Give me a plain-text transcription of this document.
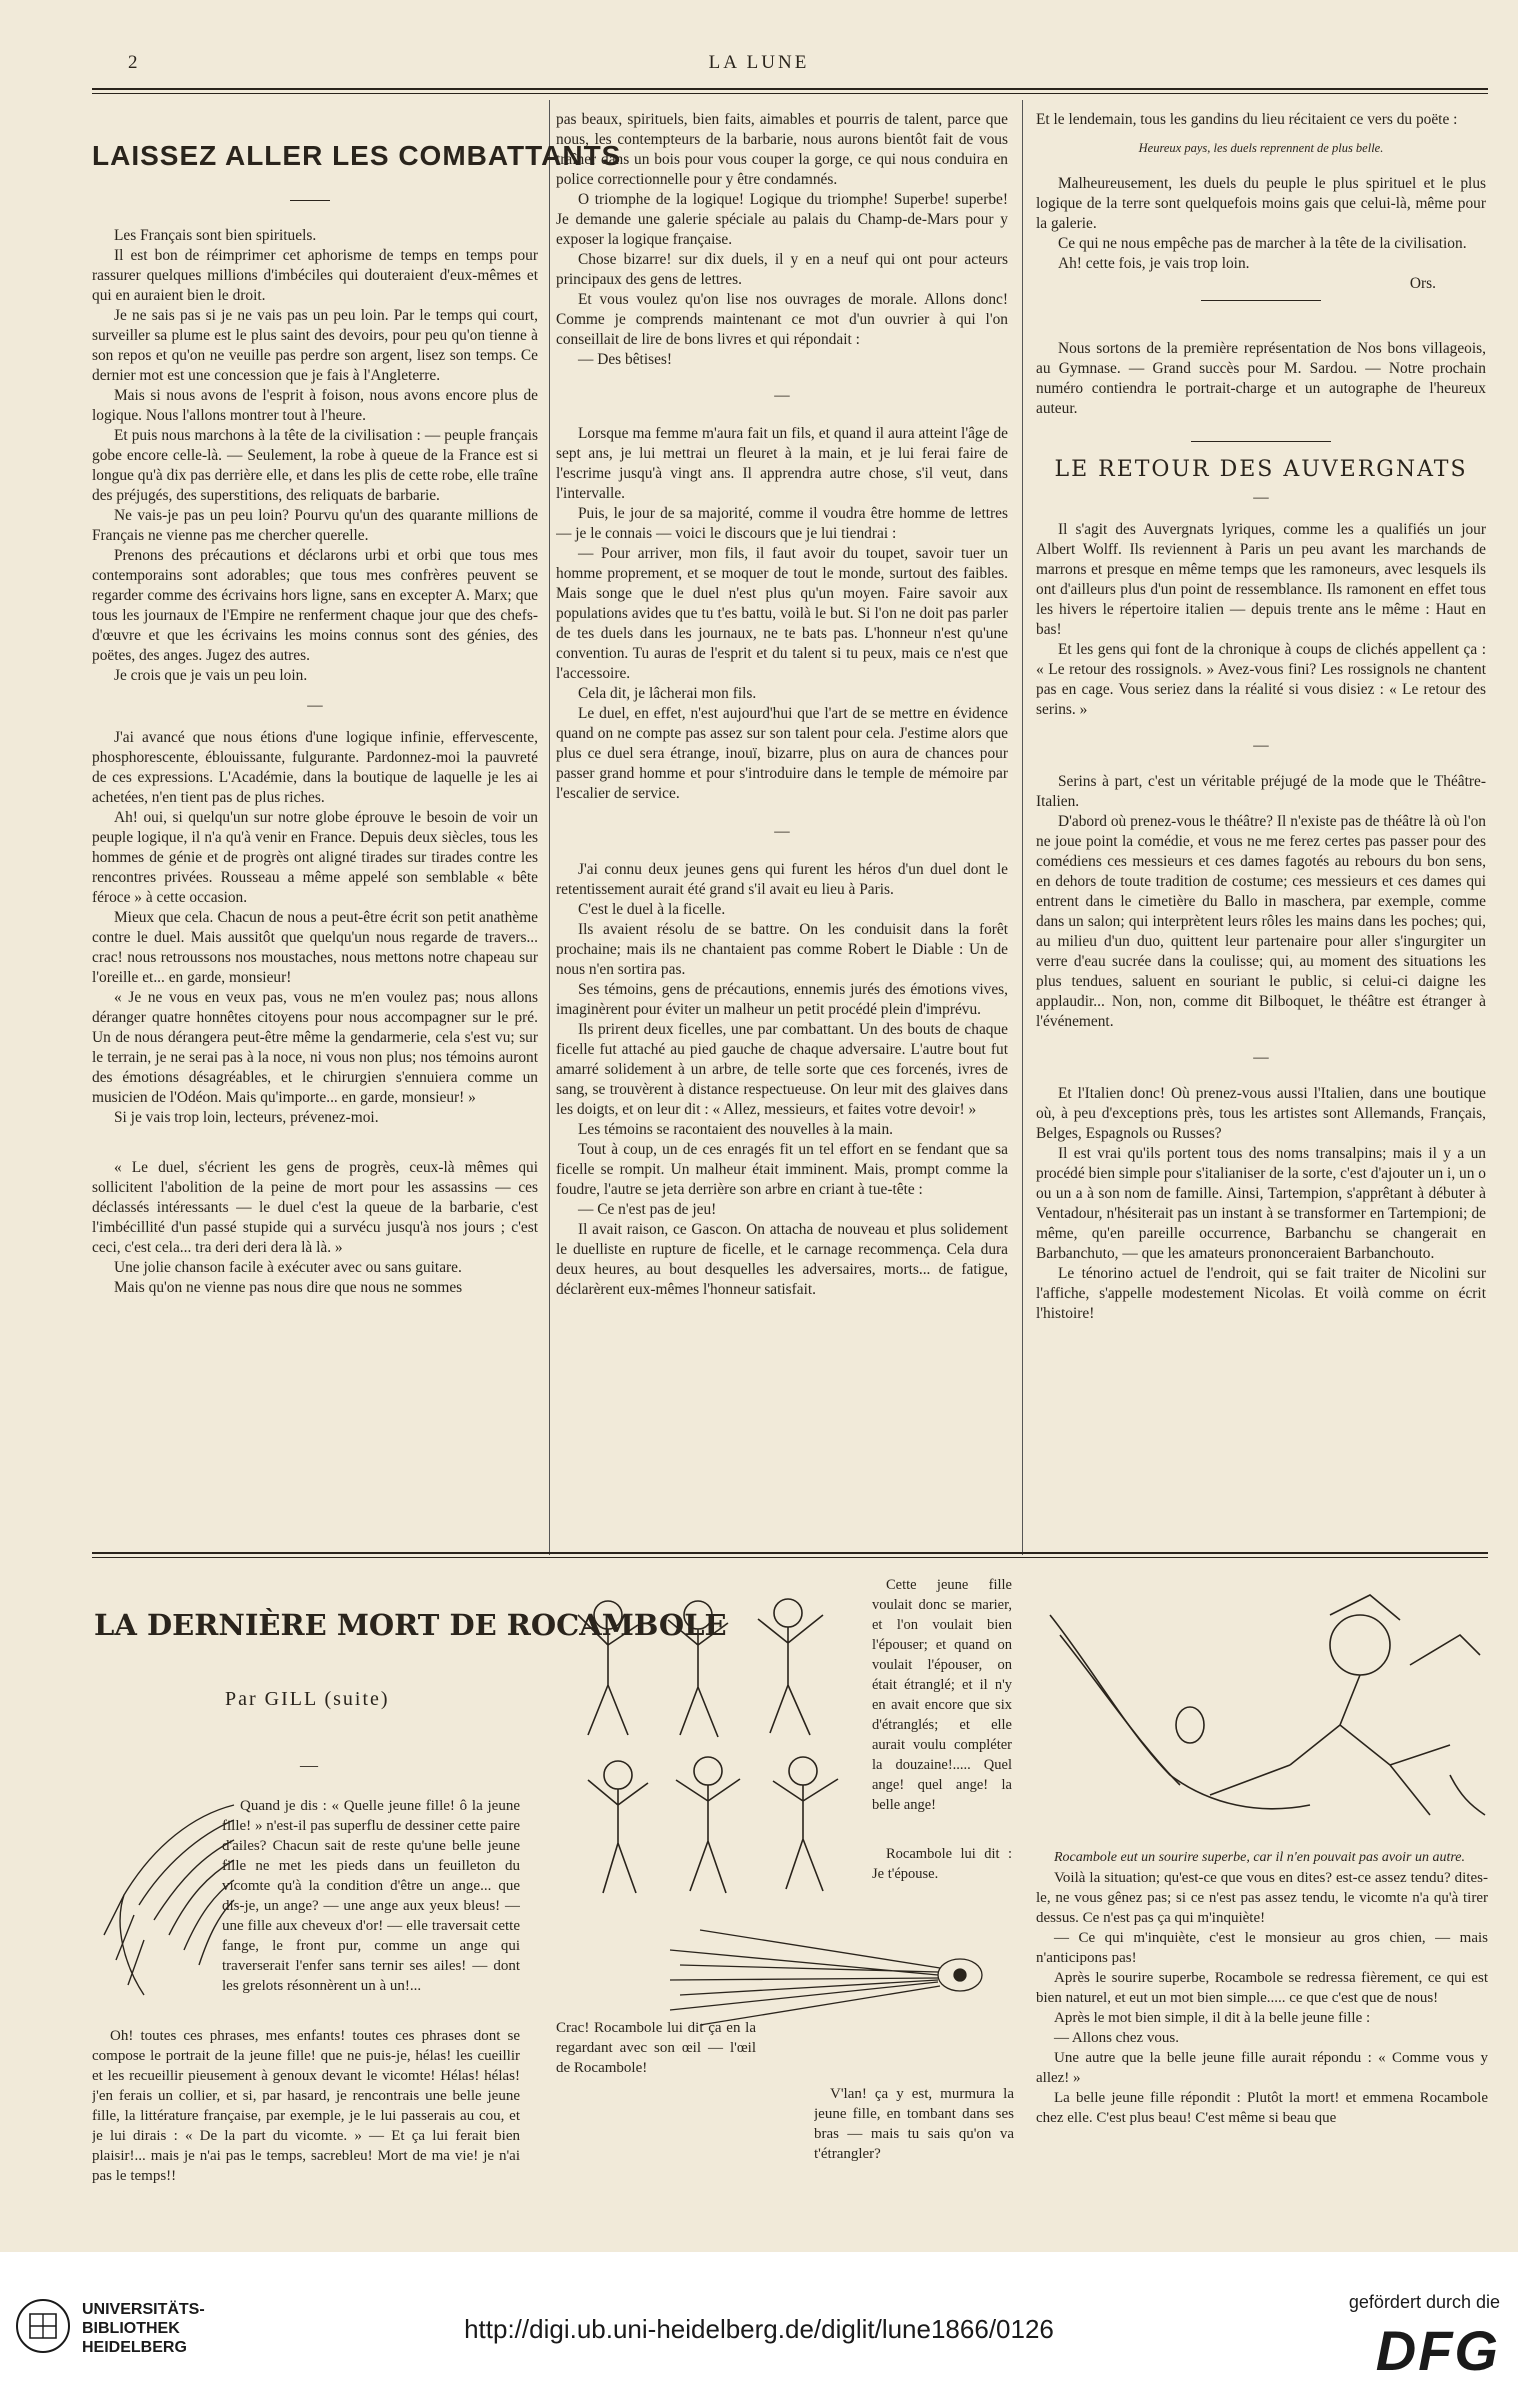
2	LA LUNE
LAISSEZ ALLER LES COMBATTANTS

Les Français sont bien spirituels.

Il est bon de réimprimer cet aphorisme de temps en temps pour rassurer quelques millions d'imbéciles qui douteraient d'eux-mêmes et qui en auraient bien le droit.

Je ne sais pas si je ne vais pas un peu loin. Par le temps qui court, surveiller sa plume est le plus saint des devoirs, pour peu qu'on tienne à son repos et qu'on ne veuille pas perdre son argent, lisez son temps. Ce dernier mot est une concession que je fais à l'Angleterre.

Mais si nous avons de l'esprit à foison, nous avons encore plus de logique. Nous l'allons montrer tout à l'heure.

Et puis nous marchons à la tête de la civilisation : — peuple français gobe encore celle-là. — Seulement, la robe à queue de la France est si longue qu'à dix pas derrière elle, et dans les plis de cette robe, elle traîne des préjugés, des superstitions, des reliquats de barbarie.

Ne vais-je pas un peu loin? Pourvu qu'un des quarante millions de Français ne vienne pas me chercher querelle.

Prenons des précautions et déclarons urbi et orbi que tous mes contemporains sont adorables; que tous mes confrères peuvent se regarder comme des écrivains hors ligne, sans en excepter A. Marx; que tous les journaux de l'Empire ne renferment chaque jour que des chefs-d'œuvre et que les écrivains les moins connus sont des génies, des poëtes, des anges. Jugez des autres.

Je crois que je vais un peu loin.

—

J'ai avancé que nous étions d'une logique infinie, effervescente, phosphorescente, éblouissante, fulgurante. Pardonnez-moi la pauvreté de ces expressions. L'Académie, dans la boutique de laquelle je les ai achetées, n'en tient pas de plus riches.

Ah! oui, si quelqu'un sur notre globe éprouve le besoin de voir un peuple logique, il n'a qu'à venir en France. Depuis deux siècles, tous les hommes de génie et de progrès ont aligné tirades sur tirades contre les rencontres privées. Rousseau a même appelé son semblable « bête féroce » à cette occasion.

Mieux que cela. Chacun de nous a peut-être écrit son petit anathème contre le duel. Mais aussitôt que quelqu'un nous regarde de travers... crac! nous retroussons nos moustaches, nous mettons notre chapeau sur l'oreille et... en garde, monsieur!

« Je ne vous en veux pas, vous ne m'en voulez pas; nous allons déranger quatre honnêtes citoyens pour nous accompagner sur le pré. Un de nous dérangera peut-être même la gendarmerie, cela s'est vu; sur le terrain, je ne serai pas à la noce, ni vous non plus; nos témoins auront des émotions désagréables, et le chirurgien s'ennuiera comme un musicien de l'Odéon. Mais qu'importe... en garde, monsieur! »

Si je vais trop loin, lecteurs, prévenez-moi.

« Le duel, s'écrient les gens de progrès, ceux-là mêmes qui sollicitent l'abolition de la peine de mort pour les assassins — ces déclassés intéressants — le duel c'est la queue de la barbarie, c'est l'imbécillité d'un passé stupide qui a survécu jusqu'à nos jours ; c'est ceci, c'est cela... tra deri deri dera là là. »

Une jolie chanson facile à exécuter avec ou sans guitare.

Mais qu'on ne vienne pas nous dire que nous ne sommes

pas beaux, spirituels, bien faits, aimables et pourris de talent, parce que nous, les contempteurs de la barbarie, nous aurons bientôt fait de vous traîner dans un bois pour vous couper la gorge, ce qui nous conduira en police correctionnelle pour y être condamnés.

O triomphe de la logique! Logique du triomphe! Superbe! superbe! Je demande une galerie spéciale au palais du Champ-de-Mars pour y exposer la logique française.

Chose bizarre! sur dix duels, il y en a neuf qui ont pour acteurs principaux des gens de lettres.

Et vous voulez qu'on lise nos ouvrages de morale. Allons donc! Comme je comprends maintenant ce mot d'un ouvrier à qui l'on conseillait de lire de bons livres et qui répondait :

— Des bêtises!

—

Lorsque ma femme m'aura fait un fils, et quand il aura atteint l'âge de sept ans, je lui mettrai un fleuret à la main, et je lui ferai faire de l'escrime jusqu'à vingt ans. Il apprendra autre chose, s'il veut, dans l'intervalle.

Puis, le jour de sa majorité, comme il voudra être homme de lettres — je le connais — voici le discours que je lui tiendrai :

— Pour arriver, mon fils, il faut avoir du toupet, savoir tuer un homme proprement, et se moquer de tout le monde, surtout des faibles. Mais songe que le duel n'est plus qu'un moyen. Faire savoir aux populations avides que tu t'es battu, voilà le but. Si l'on ne doit pas parler de tes duels dans les journaux, ne te bats pas. L'honneur n'est qu'une convention. Tu auras de l'esprit et du talent si tu peux, mais ce n'est que l'accessoire.

Cela dit, je lâcherai mon fils.

Le duel, en effet, n'est aujourd'hui que l'art de se mettre en évidence quand on ne compte pas assez sur son talent pour cela. J'estime alors que plus ce duel sera étrange, inouï, bizarre, plus on aura de chances pour passer grand homme et pour s'introduire dans le temple de mémoire par l'escalier de service.

—

J'ai connu deux jeunes gens qui furent les héros d'un duel dont le retentissement aurait été grand s'il avait eu lieu à Paris.

C'est le duel à la ficelle.

Ils avaient résolu de se battre. On les conduisit dans la forêt prochaine; mais ils ne chantaient pas comme Robert le Diable : Un de nous n'en sortira pas.

Ses témoins, gens de précautions, ennemis jurés des émotions vives, imaginèrent pour éviter un malheur un petit procédé plein d'imprévu.

Ils prirent deux ficelles, une par combattant. Un des bouts de chaque ficelle fut attaché au pied gauche de chaque adversaire. L'autre bout fut amarré solidement à un arbre, de telle sorte que ces forcenés, ivres de sang, se trouvèrent à distance respectueuse. On leur mit des glaives dans les doigts, et on leur dit : « Allez, messieurs, et faites votre devoir! »

Les témoins se racontaient des nouvelles à la main.

Tout à coup, un de ces enragés fit un tel effort en se fendant que sa ficelle se rompit. Un malheur était imminent. Mais, prompt comme la foudre, l'autre se jeta derrière son arbre en criant à tue-tête :

— Ce n'est pas de jeu!

Il avait raison, ce Gascon. On attacha de nouveau et plus solidement le duelliste en rupture de ficelle, et le carnage recommença. Cela dura deux heures, au bout desquelles les adversaires, morts... de fatigue, déclarèrent eux-mêmes l'honneur satisfait.

Et le lendemain, tous les gandins du lieu récitaient ce vers du poëte :

Heureux pays, les duels reprennent de plus belle.

Malheureusement, les duels du peuple le plus spirituel et le plus logique de la terre sont quelquefois moins gais que celui-là, même pour la galerie.

Ce qui ne nous empêche pas de marcher à la tête de la civilisation.

Ah! cette fois, je vais trop loin.

Ors.

Nous sortons de la première représentation de Nos bons villageois, au Gymnase. — Grand succès pour M. Sardou. — Notre prochain numéro contiendra le portrait-charge et un autographe de l'heureux auteur.

LE RETOUR DES AUVERGNATS
—

Il s'agit des Auvergnats lyriques, comme les a qualifiés un jour Albert Wolff. Ils reviennent à Paris un peu avant les marchands de marrons et presque en même temps que les ramoneurs, avec lesquels ils ont d'ailleurs plus d'un point de ressemblance. Ils ramonent en effet tous les hivers le répertoire italien — depuis trente ans le même : Haut en bas!

Et les gens qui font de la chronique à coups de clichés appellent ça : « Le retour des rossignols. » Avez-vous fini? Les rossignols ne chantent pas en cage. Vous seriez dans la réalité si vous disiez : « Le retour des serins. »

—

Serins à part, c'est un véritable préjugé de la mode que le Théâtre-Italien.

D'abord où prenez-vous le théâtre? Il n'existe pas de théâtre là où l'on ne joue point la comédie, et vous ne me ferez certes pas passer pour des comédiens ces messieurs et ces dames fagotés au rebours du bon sens, en dehors de toute tradition de costume; ces messieurs et ces dames qui entrent dans le cimetière du Ballo in maschera, par exemple, comme dans un salon; qui interprètent leurs rôles les mains dans les poches; qui, au milieu d'un duo, quittent leur partenaire pour aller s'ingurgiter un verre d'eau sucrée dans la coulisse; qui, au moment des situations les plus tendues, saluent en souriant le public, si celui-ci daigne les applaudir... Non, non, comme dit Bilboquet, le théâtre est étranger à l'événement.

—

Et l'Italien donc! Où prenez-vous aussi l'Italien, dans une boutique où, à peu d'exceptions près, tous les artistes sont Allemands, Français, Belges, Espagnols ou Russes?

Il est vrai qu'ils portent tous des noms transalpins; mais il y a un procédé bien simple pour s'italianiser de la sorte, c'est d'ajouter un i, un o ou un a à son nom de famille. Ainsi, Tartempion, s'apprêtant à débuter à Ventadour, n'hésiterait pas un instant à se transformer en Tartempioni; de même, qu'en pareille occurrence, Barbanchu se changerait en Barbanchuto, — que les amateurs prononceraient Barbanchouto.

Le ténorino actuel de l'endroit, qui se fait traiter de Nicolini sur l'affiche, s'appelle modestement Nicolas. Et voilà comme on écrit l'histoire!

LA DERNIÈRE MORT DE ROCAMBOLE
Par GILL (suite)
—

Quand je dis : « Quelle jeune fille! ô la jeune fille! » n'est-il pas superflu de dessiner cette paire d'ailes? Chacun sait de reste qu'une belle jeune fille ne met les pieds dans un feuilleton du vicomte qu'à la condition d'être un ange... que dis-je, un ange? — une ange aux yeux bleus! — une fille aux cheveux d'or! — elle traversait cette fange, le front pur, comme un ange qui traverserait l'enfer sans ternir ses ailes! — dont les grelots résonnèrent un à un!...

Oh! toutes ces phrases, mes enfants! toutes ces phrases dont se compose le portrait de la jeune fille! que ne puis-je, hélas! les cueillir et les recueillir pieusement à genoux devant le vicomte! Hélas! hélas! j'en ferais un collier, et si, par hasard, je rencontrais une belle jeune fille, la littérature française, par exemple, je le lui passerais au cou, et je lui dirais : « De la part du vicomte. » — Et ça lui ferait bien plaisir!... mais je n'ai pas le temps, sacrebleu! Mort de ma vie! je n'ai pas le temps!!

Cette jeune fille voulait donc se marier, et l'on voulait bien l'épouser; et quand on voulait l'épouser, on était étranglé; et il n'y en avait encore que six d'étranglés; et elle aurait voulu compléter la douzaine!..... Quel ange! quel ange! la belle ange!

Rocambole lui dit : Je t'épouse.

Crac! Rocambole lui dit ça en la regardant avec son œil — l'œil de Rocambole!

V'lan! ça y est, murmura la jeune fille, en tombant dans ses bras — mais tu sais qu'on va t'étrangler?

Rocambole eut un sourire superbe, car il n'en pouvait pas avoir un autre.

Voilà la situation; qu'est-ce que vous en dites? est-ce assez tendu? dites-le, ne vous gênez pas; si ce n'est pas assez tendu, le vicomte n'a qu'à tirer dessus. Ce n'est pas ça qui m'inquiète!

— Ce qui m'inquiète, c'est le monsieur au gros chien, — mais n'anticipons pas!

Après le sourire superbe, Rocambole se redressa fièrement, ce qui est bien naturel, et eut un mot bien simple..... ce que c'est que de nous!

Après le mot bien simple, il dit à la belle jeune fille :

— Allons chez vous.

Une autre que la belle jeune fille aurait répondu : « Comme vous y allez! »

La belle jeune fille répondit : Plutôt la mort! et emmena Rocambole chez elle. C'est plus beau! C'est même si beau que

UNIVERSITÄTS-
BIBLIOTHEK
HEIDELBERG
http://digi.ub.uni-heidelberg.de/diglit/lune1866/0126
gefördert durch die
DFG
